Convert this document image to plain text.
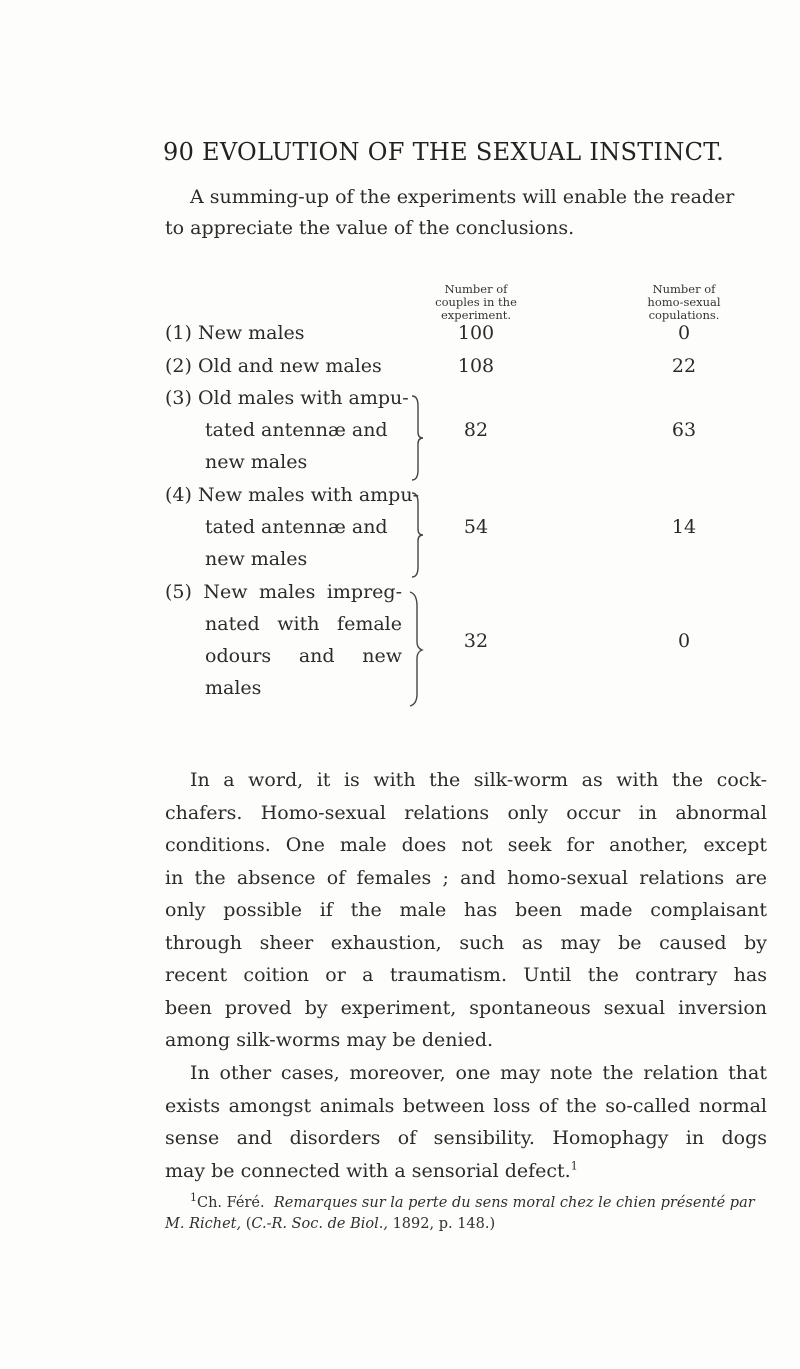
90 EVOLUTION OF THE SEXUAL INSTINCT.
A summing-up of the experiments will enable the reader
to appreciate the value of the conclusions.
Number of
couples in the
experiment.
Number of
homo-sexual
copulations.
(1) New males	100	0
(2) Old and new males	108	22
(3) Old males with ampu-
tated antennæ and
new males
82	63
(4) New males with ampu-
tated antennæ and
new males
54	14
(5) New males impreg-
nated with female
odours and new
males
32	0
In a word, it is with the silk-worm as with the cock-
chafers. Homo-sexual relations only occur in abnormal
conditions. One male does not seek for another, except
in the absence of females ; and homo-sexual relations are
only possible if the male has been made complaisant
through sheer exhaustion, such as may be caused by
recent coition or a traumatism. Until the contrary has
been proved by experiment, spontaneous sexual inversion
among silk-worms may be denied.
In other cases, moreover, one may note the relation that
exists amongst animals between loss of the so-called normal
sense and disorders of sensibility. Homophagy in dogs
may be connected with a sensorial defect.$^1$
$^1$Ch. Féré. Remarques sur la perte du sens moral chez le chien présenté par
M. Richet, (C.-R. Soc. de Biol., 1892, p. 148.)
